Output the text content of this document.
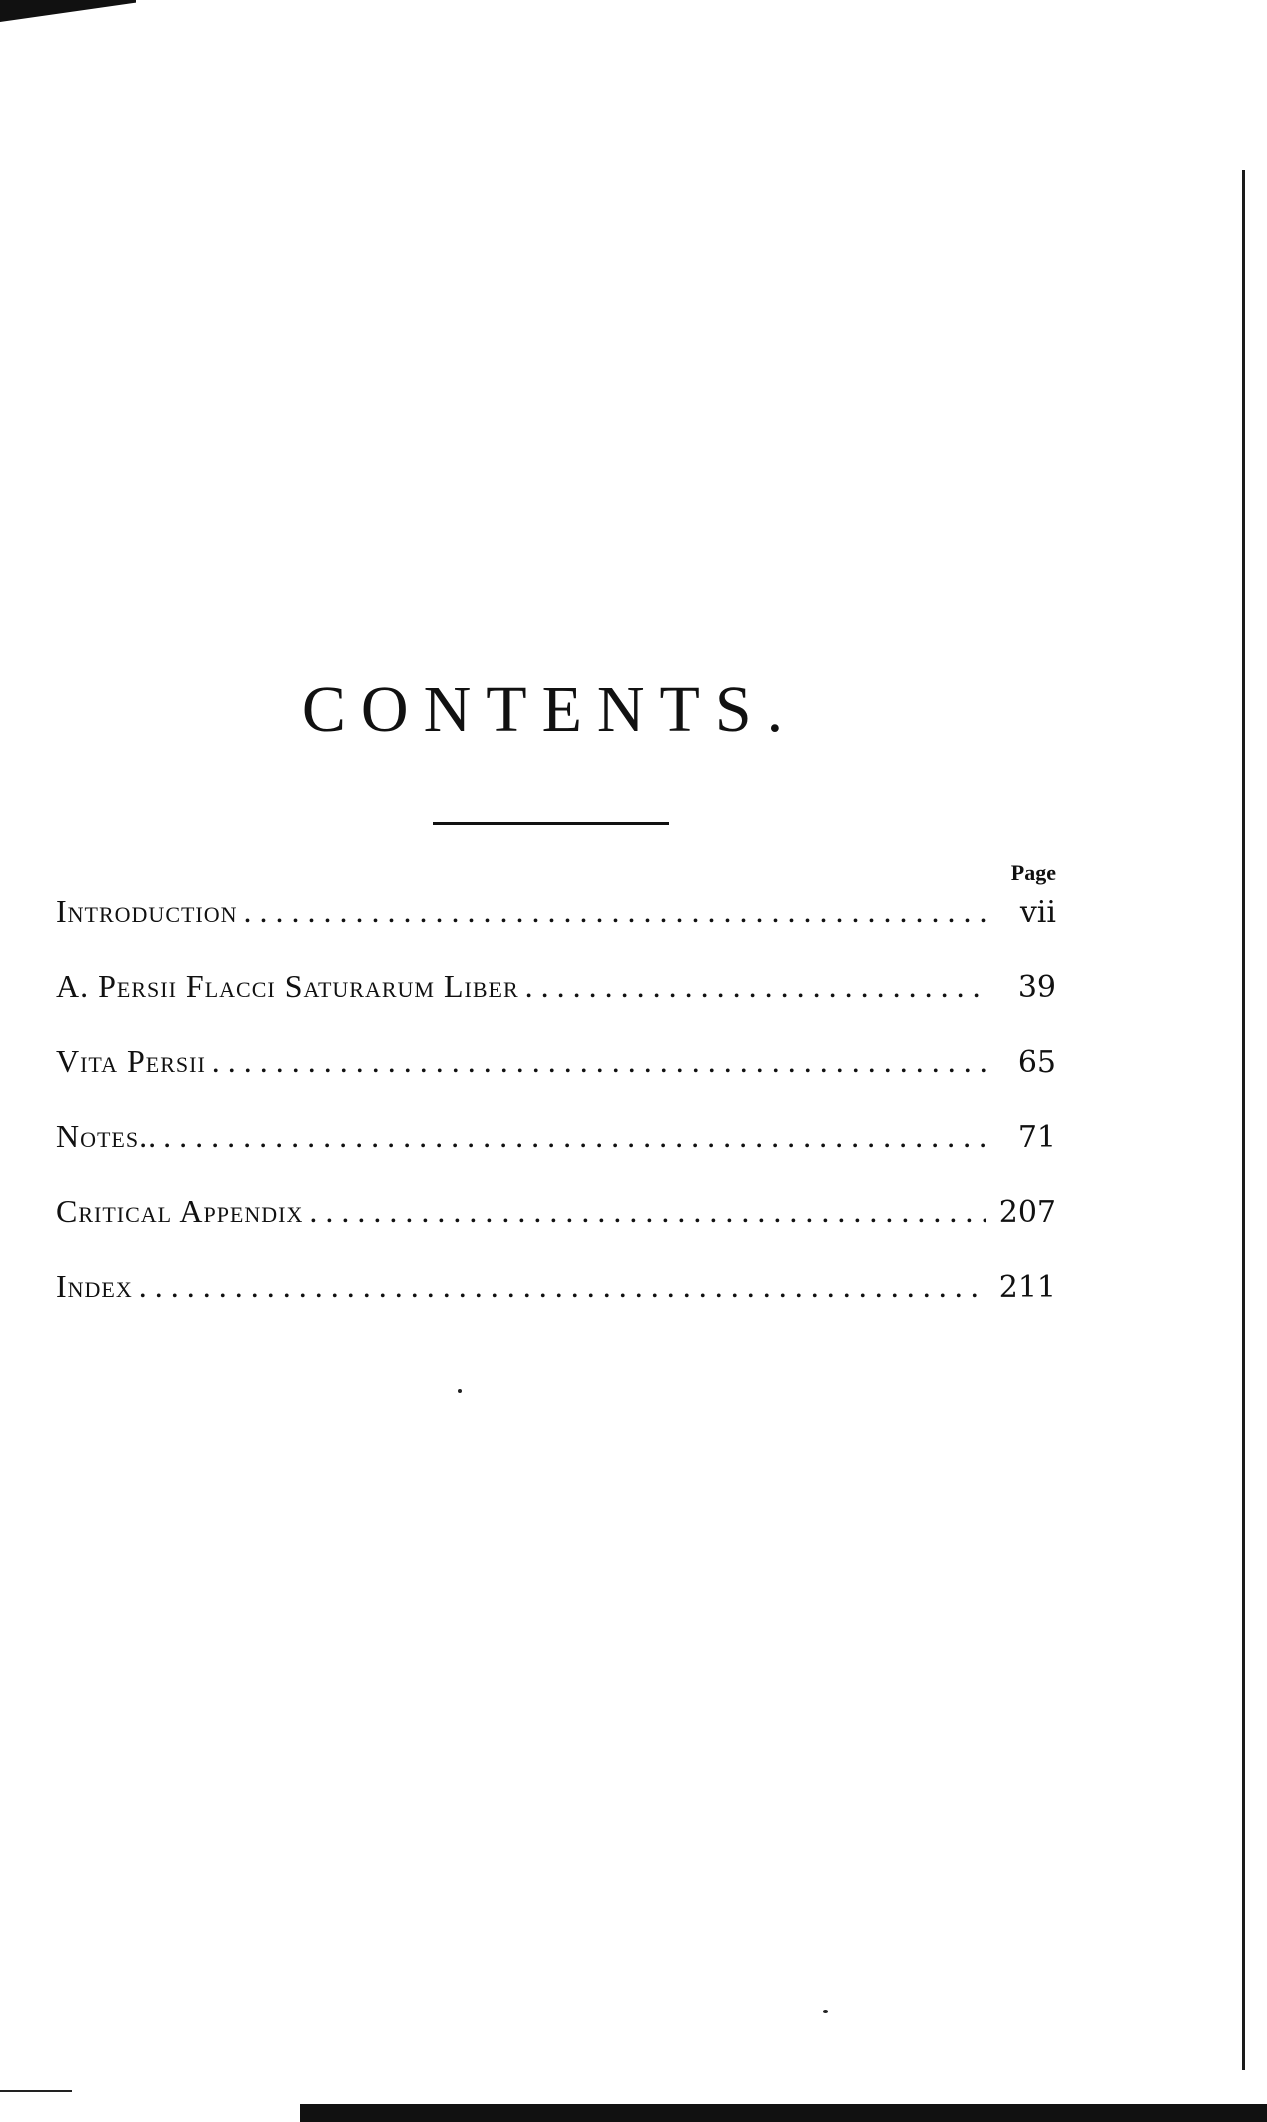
CONTENTS.
Page
Introduction . . .	vii
A. Persii Flacci Saturarum Liber . . .	39
Vita Persii . . .	65
Notes.. . . .	71
Critical Appendix . . .	207
Index . . .	211
